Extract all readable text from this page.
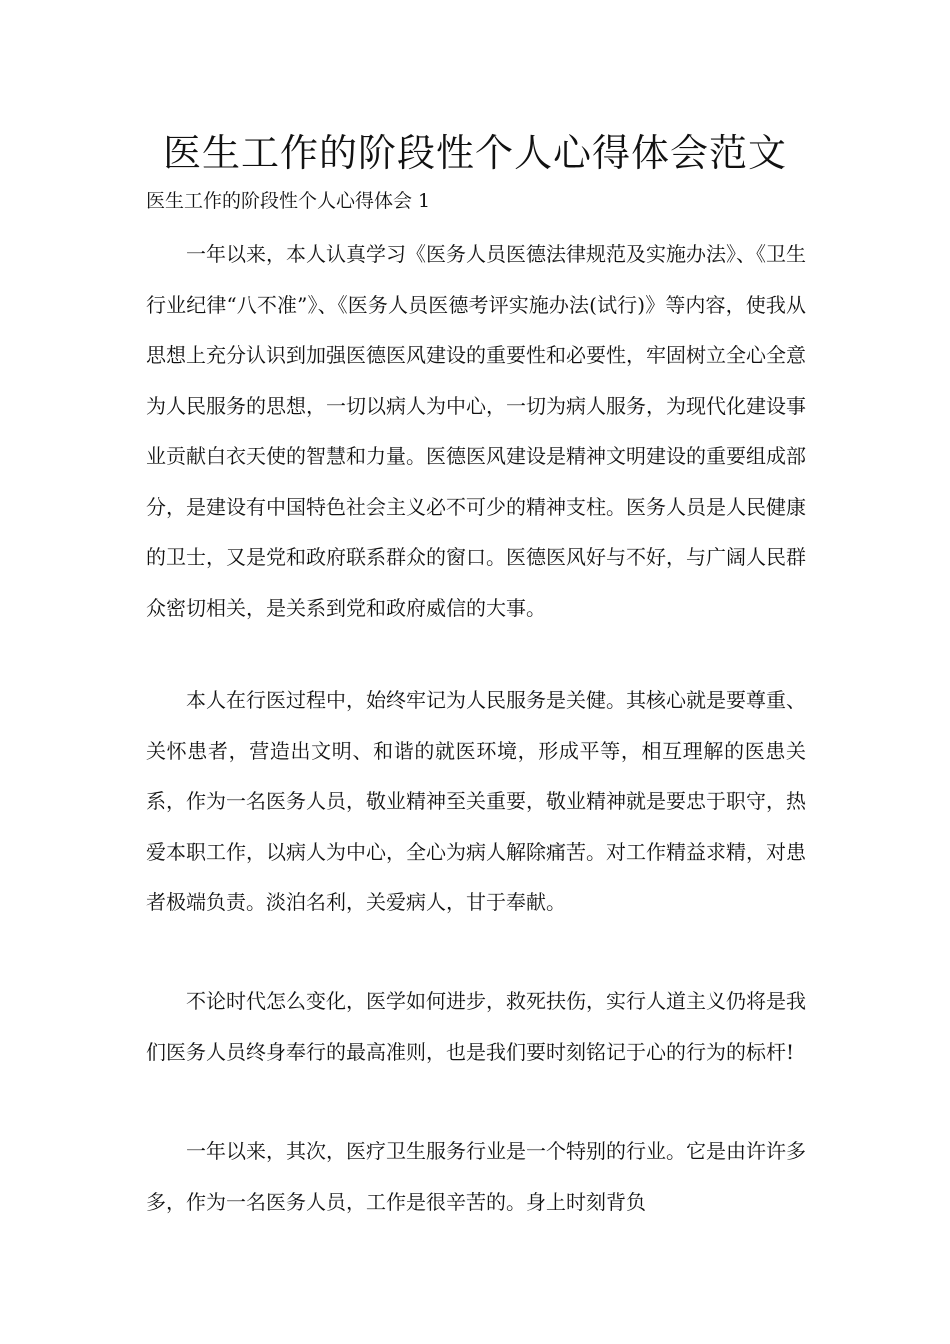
医生工作的阶段性个人心得体会范文

医生工作的阶段性个人心得体会 1

一年以来，本人认真学习《医务人员医德法律规范及实施办法》、《卫生行业纪律“八不准”》、《医务人员医德考评实施办法(试行)》等内容，使我从思想上充分认识到加强医德医风建设的重要性和必要性，牢固树立全心全意为人民服务的思想，一切以病人为中心，一切为病人服务，为现代化建设事业贡献白衣天使的智慧和力量。医德医风建设是精神文明建设的重要组成部分，是建设有中国特色社会主义必不可少的精神支柱。医务人员是人民健康的卫士，又是党和政府联系群众的窗口。医德医风好与不好，与广阔人民群众密切相关，是关系到党和政府威信的大事。

本人在行医过程中，始终牢记为人民服务是关健。其核心就是要尊重、关怀患者，营造出文明、和谐的就医环境，形成平等，相互理解的医患关系，作为一名医务人员，敬业精神至关重要，敬业精神就是要忠于职守，热爱本职工作，以病人为中心，全心为病人解除痛苦。对工作精益求精，对患者极端负责。淡泊名利，关爱病人，甘于奉献。

不论时代怎么变化，医学如何进步，救死扶伤，实行人道主义仍将是我们医务人员终身奉行的最高准则，也是我们要时刻铭记于心的行为的标杆!

一年以来，其次，医疗卫生服务行业是一个特别的行业。它是由许许多多，作为一名医务人员，工作是很辛苦的。身上时刻背负
